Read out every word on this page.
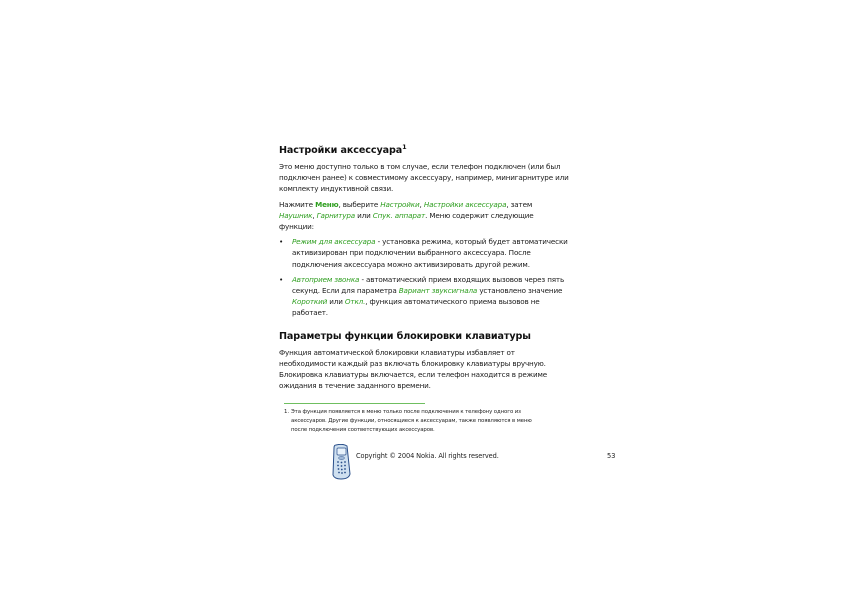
Настройки аксессуара$^1$

Это меню доступно только в том случае, если телефон подключен (или был подключен ранее) к совместимому аксессуару, например, минигарнитуре или комплекту индуктивной связи.

Нажмите Меню, выберите Настройки, Настройки аксессуара, затем Наушник, Гарнитура или Спук. аппарат. Меню содержит следующие функции:

• Режим для аксессуара - установка режима, который будет автоматически активизирован при подключении выбранного аксессуара. После подключения аксессуара можно активизировать другой режим.
• Автоприем звонка - автоматический прием входящих вызовов через пять секунд. Если для параметра Вариант звуксигнала установлено значение Короткий или Откл., функция автоматического приема вызовов не работает.
Параметры функции блокировки клавиатуры

Функция автоматической блокировки клавиатуры избавляет от необходимости каждый раз включать блокировку клавиатуры вручную. Блокировка клавиатуры включается, если телефон находится в режиме ожидания в течение заданного времени.

1. Эта функция появляется в меню только после подключения к телефону одного из аксессуаров. Другие функции, относящиеся к аксессуарам, также появляются в меню после подключения соответствующих аксессуаров.
Copyright © 2004 Nokia. All rights reserved.	53
